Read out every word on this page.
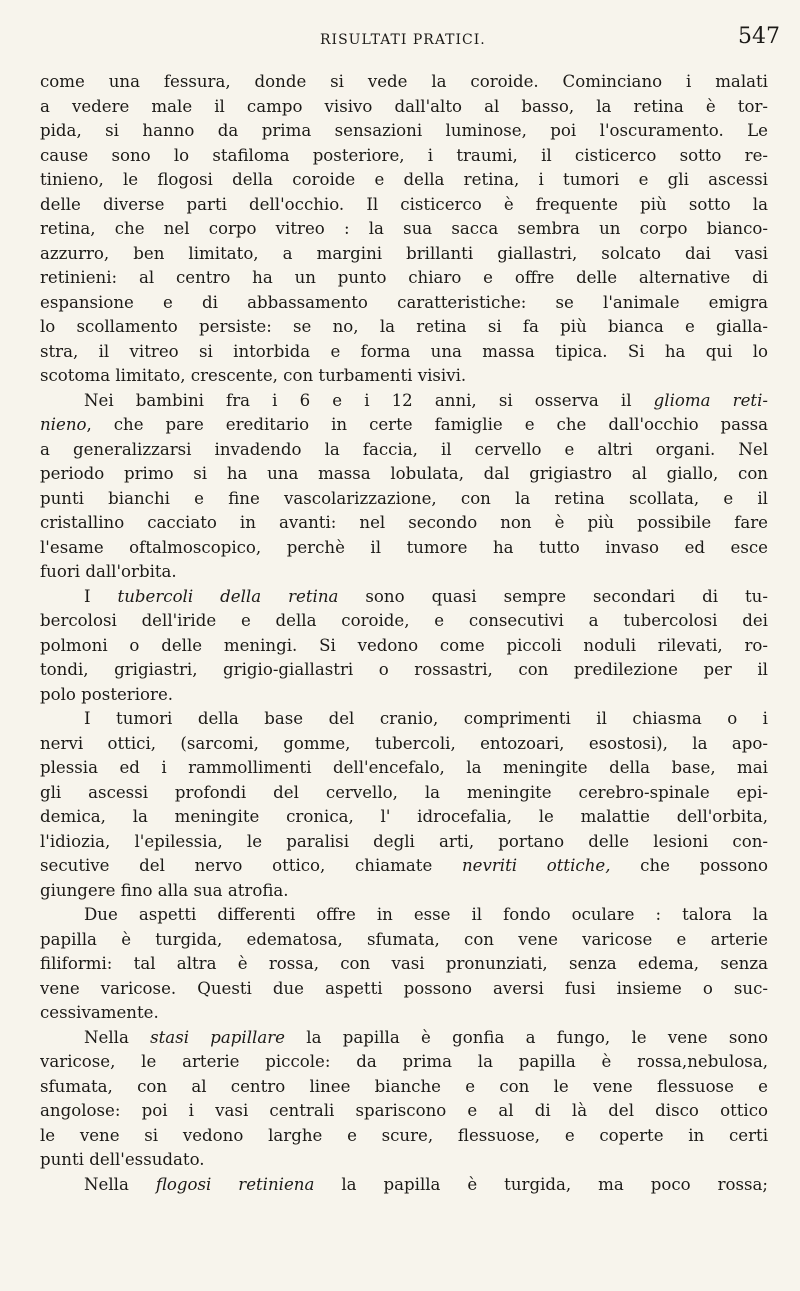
RISULTATI PRATICI.	547
come una fessura, donde si vede la coroide. Cominciano i malati
a vedere male il campo visivo dall'alto al basso, la retina è tor-
pida, si hanno da prima sensazioni luminose, poi l'oscuramento. Le
cause sono lo stafiloma posteriore, i traumi, il cisticerco sotto re-
tinieno, le flogosi della coroide e della retina, i tumori e gli ascessi
delle diverse parti dell'occhio. Il cisticerco è frequente più sotto la
retina, che nel corpo vitreo : la sua sacca sembra un corpo bianco-
azzurro, ben limitato, a margini brillanti giallastri, solcato dai vasi
retinieni: al centro ha un punto chiaro e offre delle alternative di
espansione e di abbassamento caratteristiche: se l'animale emigra
lo scollamento persiste: se no, la retina si fa più bianca e gialla-
stra, il vitreo si intorbida e forma una massa tipica. Si ha qui lo
scotoma limitato, crescente, con turbamenti visivi.
Nei bambini fra i 6 e i 12 anni, si osserva il glioma reti-
nieno, che pare ereditario in certe famiglie e che dall'occhio passa
a generalizzarsi invadendo la faccia, il cervello e altri organi. Nel
periodo primo si ha una massa lobulata, dal grigiastro al giallo, con
punti bianchi e fine vascolarizzazione, con la retina scollata, e il
cristallino cacciato in avanti: nel secondo non è più possibile fare
l'esame oftalmoscopico, perchè il tumore ha tutto invaso ed esce
fuori dall'orbita.
I tubercoli della retina sono quasi sempre secondari di tu-
bercolosi dell'iride e della coroide, e consecutivi a tubercolosi dei
polmoni o delle meningi. Si vedono come piccoli noduli rilevati, ro-
tondi, grigiastri, grigio-giallastri o rossastri, con predilezione per il
polo posteriore.
I tumori della base del cranio, comprimenti il chiasma o i
nervi ottici, (sarcomi, gomme, tubercoli, entozoari, esostosi), la apo-
plessia ed i rammollimenti dell'encefalo, la meningite della base, mai
gli ascessi profondi del cervello, la meningite cerebro-spinale epi-
demica, la meningite cronica, l' idrocefalia, le malattie dell'orbita,
l'idiozia, l'epilessia, le paralisi degli arti, portano delle lesioni con-
secutive del nervo ottico, chiamate nevriti ottiche, che possono
giungere fino alla sua atrofia.
Due aspetti differenti offre in esse il fondo oculare : talora la
papilla è turgida, edematosa, sfumata, con vene varicose e arterie
filiformi: tal altra è rossa, con vasi pronunziati, senza edema, senza
vene varicose. Questi due aspetti possono aversi fusi insieme o suc-
cessivamente.
Nella stasi papillare la papilla è gonfia a fungo, le vene sono
varicose, le arterie piccole: da prima la papilla è rossa,nebulosa,
sfumata, con al centro linee bianche e con le vene flessuose e
angolose: poi i vasi centrali spariscono e al di là del disco ottico
le vene si vedono larghe e scure, flessuose, e coperte in certi
punti dell'essudato.
Nella flogosi retiniena la papilla è turgida, ma poco rossa;
